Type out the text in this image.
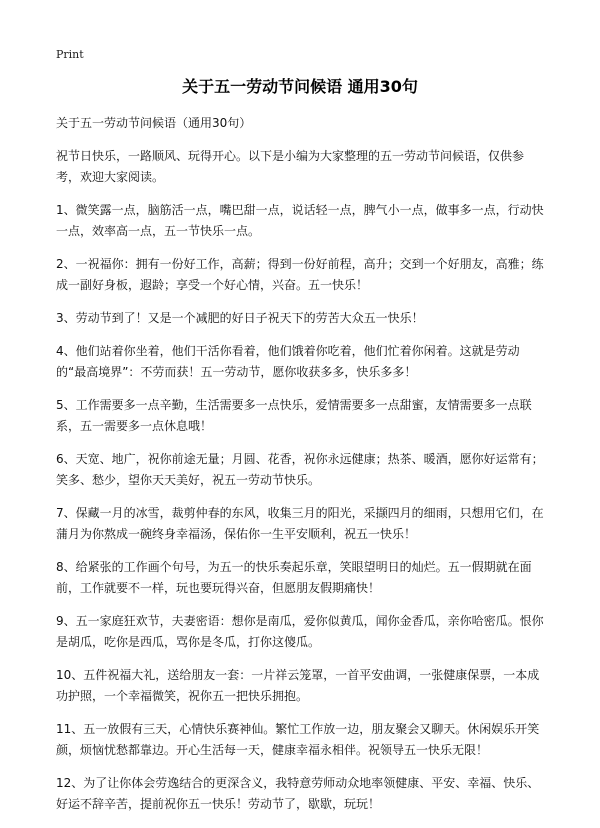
Print
关于五一劳动节问候语 通用30句
关于五一劳动节问候语（通用30句）
祝节日快乐，一路顺风、玩得开心。以下是小编为大家整理的五一劳动节问候语，仅供参考，欢迎大家阅读。
1、微笑露一点，脑筋活一点，嘴巴甜一点，说话轻一点，脾气小一点，做事多一点，行动快一点，效率高一点，五一节快乐一点。
2、一祝福你：拥有一份好工作，高薪；得到一份好前程，高升；交到一个好朋友，高雅；练成一副好身板，遐龄；享受一个好心情，兴奋。五一快乐！
3、劳动节到了！又是一个减肥的好日子祝天下的劳苦大众五一快乐！
4、他们站着你坐着，他们干活你看着，他们饿着你吃着，他们忙着你闲着。这就是劳动的“最高境界”：不劳而获！五一劳动节，愿你收获多多，快乐多多！
5、工作需要多一点辛勤，生活需要多一点快乐，爱情需要多一点甜蜜，友情需要多一点联系，五一需要多一点休息哦！
6、天宽、地广，祝你前途无量；月圆、花香，祝你永远健康；热茶、暖酒，愿你好运常有；笑多、愁少，望你天天美好，祝五一劳动节快乐。
7、保藏一月的冰雪，裁剪仲春的东风，收集三月的阳光，采撷四月的细雨，只想用它们，在蒲月为你熬成一碗终身幸福汤，保佑你一生平安顺利，祝五一快乐！
8、给紧张的工作画个句号，为五一的快乐奏起乐章，笑眼望明日的灿烂。五一假期就在面前，工作就要不一样，玩也要玩得兴奋，但愿朋友假期痛快！
9、五一家庭狂欢节，夫妻密语：想你是南瓜，爱你似黄瓜，闻你金香瓜，亲你哈密瓜。恨你是胡瓜，吃你是西瓜，骂你是冬瓜，打你这傻瓜。
10、五件祝福大礼，送给朋友一套：一片祥云笼罩，一首平安曲调，一张健康保票，一本成功护照，一个幸福微笑，祝你五一把快乐拥抱。
11、五一放假有三天，心情快乐赛神仙。繁忙工作放一边，朋友聚会又聊天。休闲娱乐开笑颜，烦恼忧愁都靠边。开心生活每一天，健康幸福永相伴。祝领导五一快乐无限！
12、为了让你体会劳逸结合的更深含义，我特意劳师动众地率领健康、平安、幸福、快乐、好运不辞辛苦，提前祝你五一快乐！劳动节了，歇歇，玩玩！
